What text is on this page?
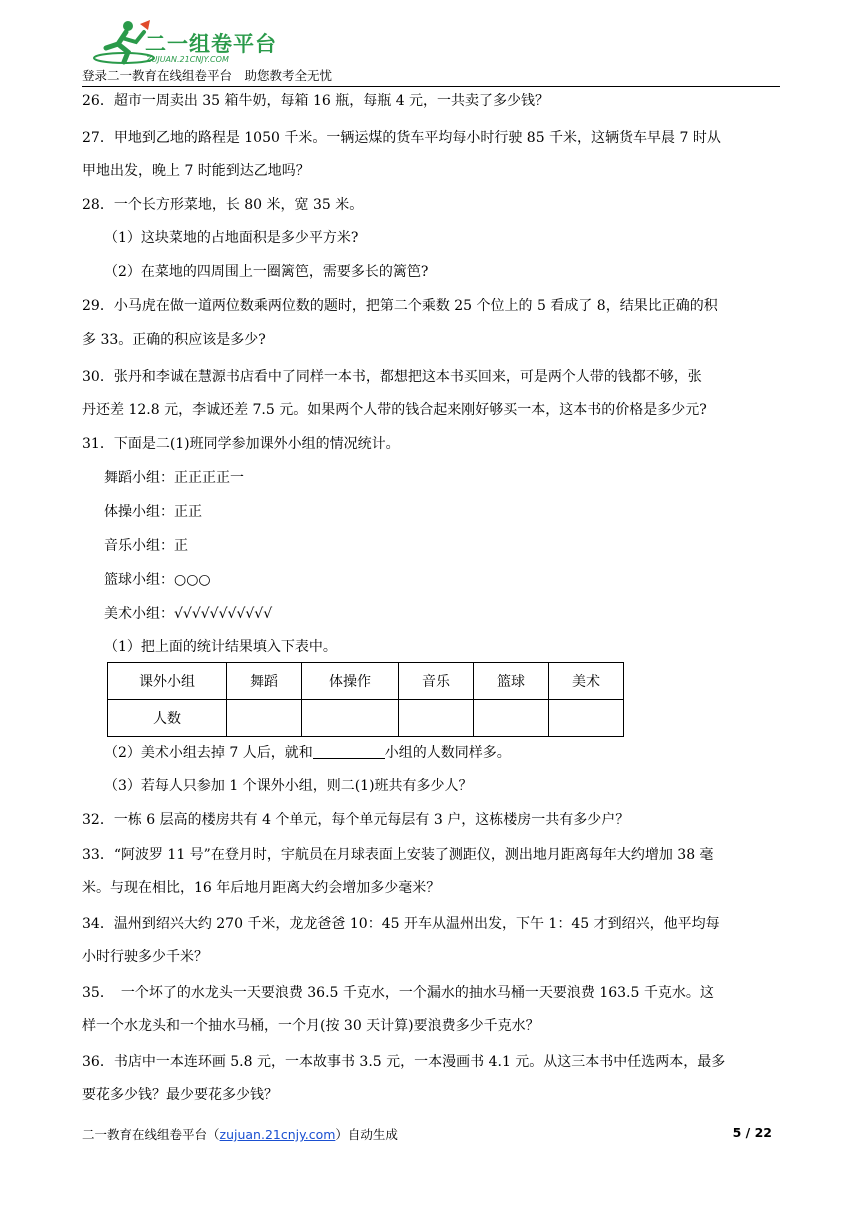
二一组卷平台
ZUJUAN.21CNJY.COM
登录二一教育在线组卷平台　助您教考全无忧

26．超市一周卖出 35 箱牛奶，每箱 16 瓶，每瓶 4 元，一共卖了多少钱？

27．甲地到乙地的路程是 1050 千米。一辆运煤的货车平均每小时行驶 85 千米，这辆货车早晨 7 时从

甲地出发，晚上 7 时能到达乙地吗？

28．一个长方形菜地，长 80 米，宽 35 米。

（1）这块菜地的占地面积是多少平方米?

（2）在菜地的四周围上一圈篱笆，需要多长的篱笆?

29．小马虎在做一道两位数乘两位数的题时，把第二个乘数 25 个位上的 5 看成了 8，结果比正确的积

多 33。正确的积应该是多少?

30．张丹和李诚在慧源书店看中了同样一本书，都想把这本书买回来，可是两个人带的钱都不够，张

丹还差 12.8 元，李诚还差 7.5 元。如果两个人带的钱合起来刚好够买一本，这本书的价格是多少元?

31．下面是二(1)班同学参加课外小组的情况统计。

舞蹈小组：正正正正一

体操小组：正正

音乐小组：正

篮球小组：○○○

美术小组：√√√√√√√√√√√

（1）把上面的统计结果填入下表中。

课外小组	舞蹈	体操作	音乐	篮球	美术
人数					

（2）美术小组去掉 7 人后，就和	小组的人数同样多。

（3）若每人只参加 1 个课外小组，则二(1)班共有多少人？

32．一栋 6 层高的楼房共有 4 个单元，每个单元每层有 3 户，这栋楼房一共有多少户？

33．“阿波罗 11 号”在登月时，宇航员在月球表面上安装了测距仪，测出地月距离每年大约增加 38 毫

米。与现在相比，16 年后地月距离大约会增加多少毫米？

34．温州到绍兴大约 270 千米，龙龙爸爸 10：45 开车从温州出发，下午 1：45 才到绍兴，他平均每

小时行驶多少千米？

35．　一个坏了的水龙头一天要浪费 36.5 千克水，一个漏水的抽水马桶一天要浪费 163.5 千克水。这

样一个水龙头和一个抽水马桶，一个月(按 30 天计算)要浪费多少千克水？

36．书店中一本连环画 5.8 元，一本故事书 3.5 元，一本漫画书 4.1 元。从这三本书中任选两本，最多

要花多少钱？最少要花多少钱？

二一教育在线组卷平台（zujuan.21cnjy.com）自动生成	5 / 22
